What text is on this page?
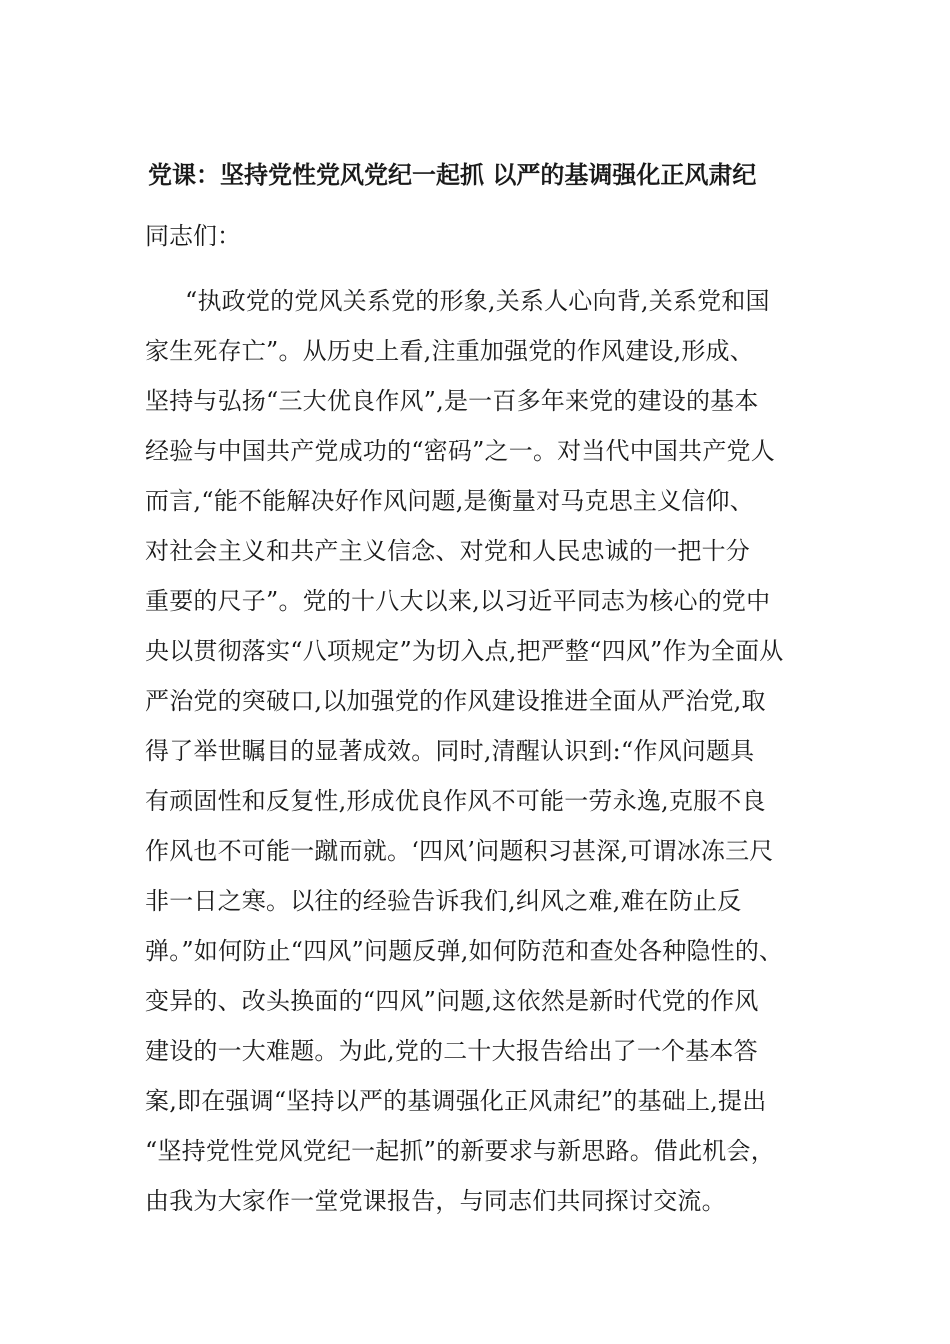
党课：坚持党性党风党纪一起抓 以严的基调强化正风肃纪

同志们：

“执政党的党风关系党的形象,关系人心向背,关系党和国
家生死存亡”。从历史上看,注重加强党的作风建设,形成、
坚持与弘扬“三大优良作风”,是一百多年来党的建设的基本
经验与中国共产党成功的“密码”之一。对当代中国共产党人
而言,“能不能解决好作风问题,是衡量对马克思主义信仰、
对社会主义和共产主义信念、对党和人民忠诚的一把十分
重要的尺子”。党的十八大以来,以习近平同志为核心的党中
央以贯彻落实“八项规定”为切入点,把严整“四风”作为全面从
严治党的突破口,以加强党的作风建设推进全面从严治党,取
得了举世瞩目的显著成效。同时,清醒认识到:“作风问题具
有顽固性和反复性,形成优良作风不可能一劳永逸,克服不良
作风也不可能一蹴而就。‘四风’问题积习甚深,可谓冰冻三尺
非一日之寒。以往的经验告诉我们,纠风之难,难在防止反
弹。”如何防止“四风”问题反弹,如何防范和查处各种隐性的、
变异的、改头换面的“四风”问题,这依然是新时代党的作风
建设的一大难题。为此,党的二十大报告给出了一个基本答
案,即在强调“坚持以严的基调强化正风肃纪”的基础上,提出
“坚持党性党风党纪一起抓”的新要求与新思路。借此机会，
由我为大家作一堂党课报告，与同志们共同探讨交流。
